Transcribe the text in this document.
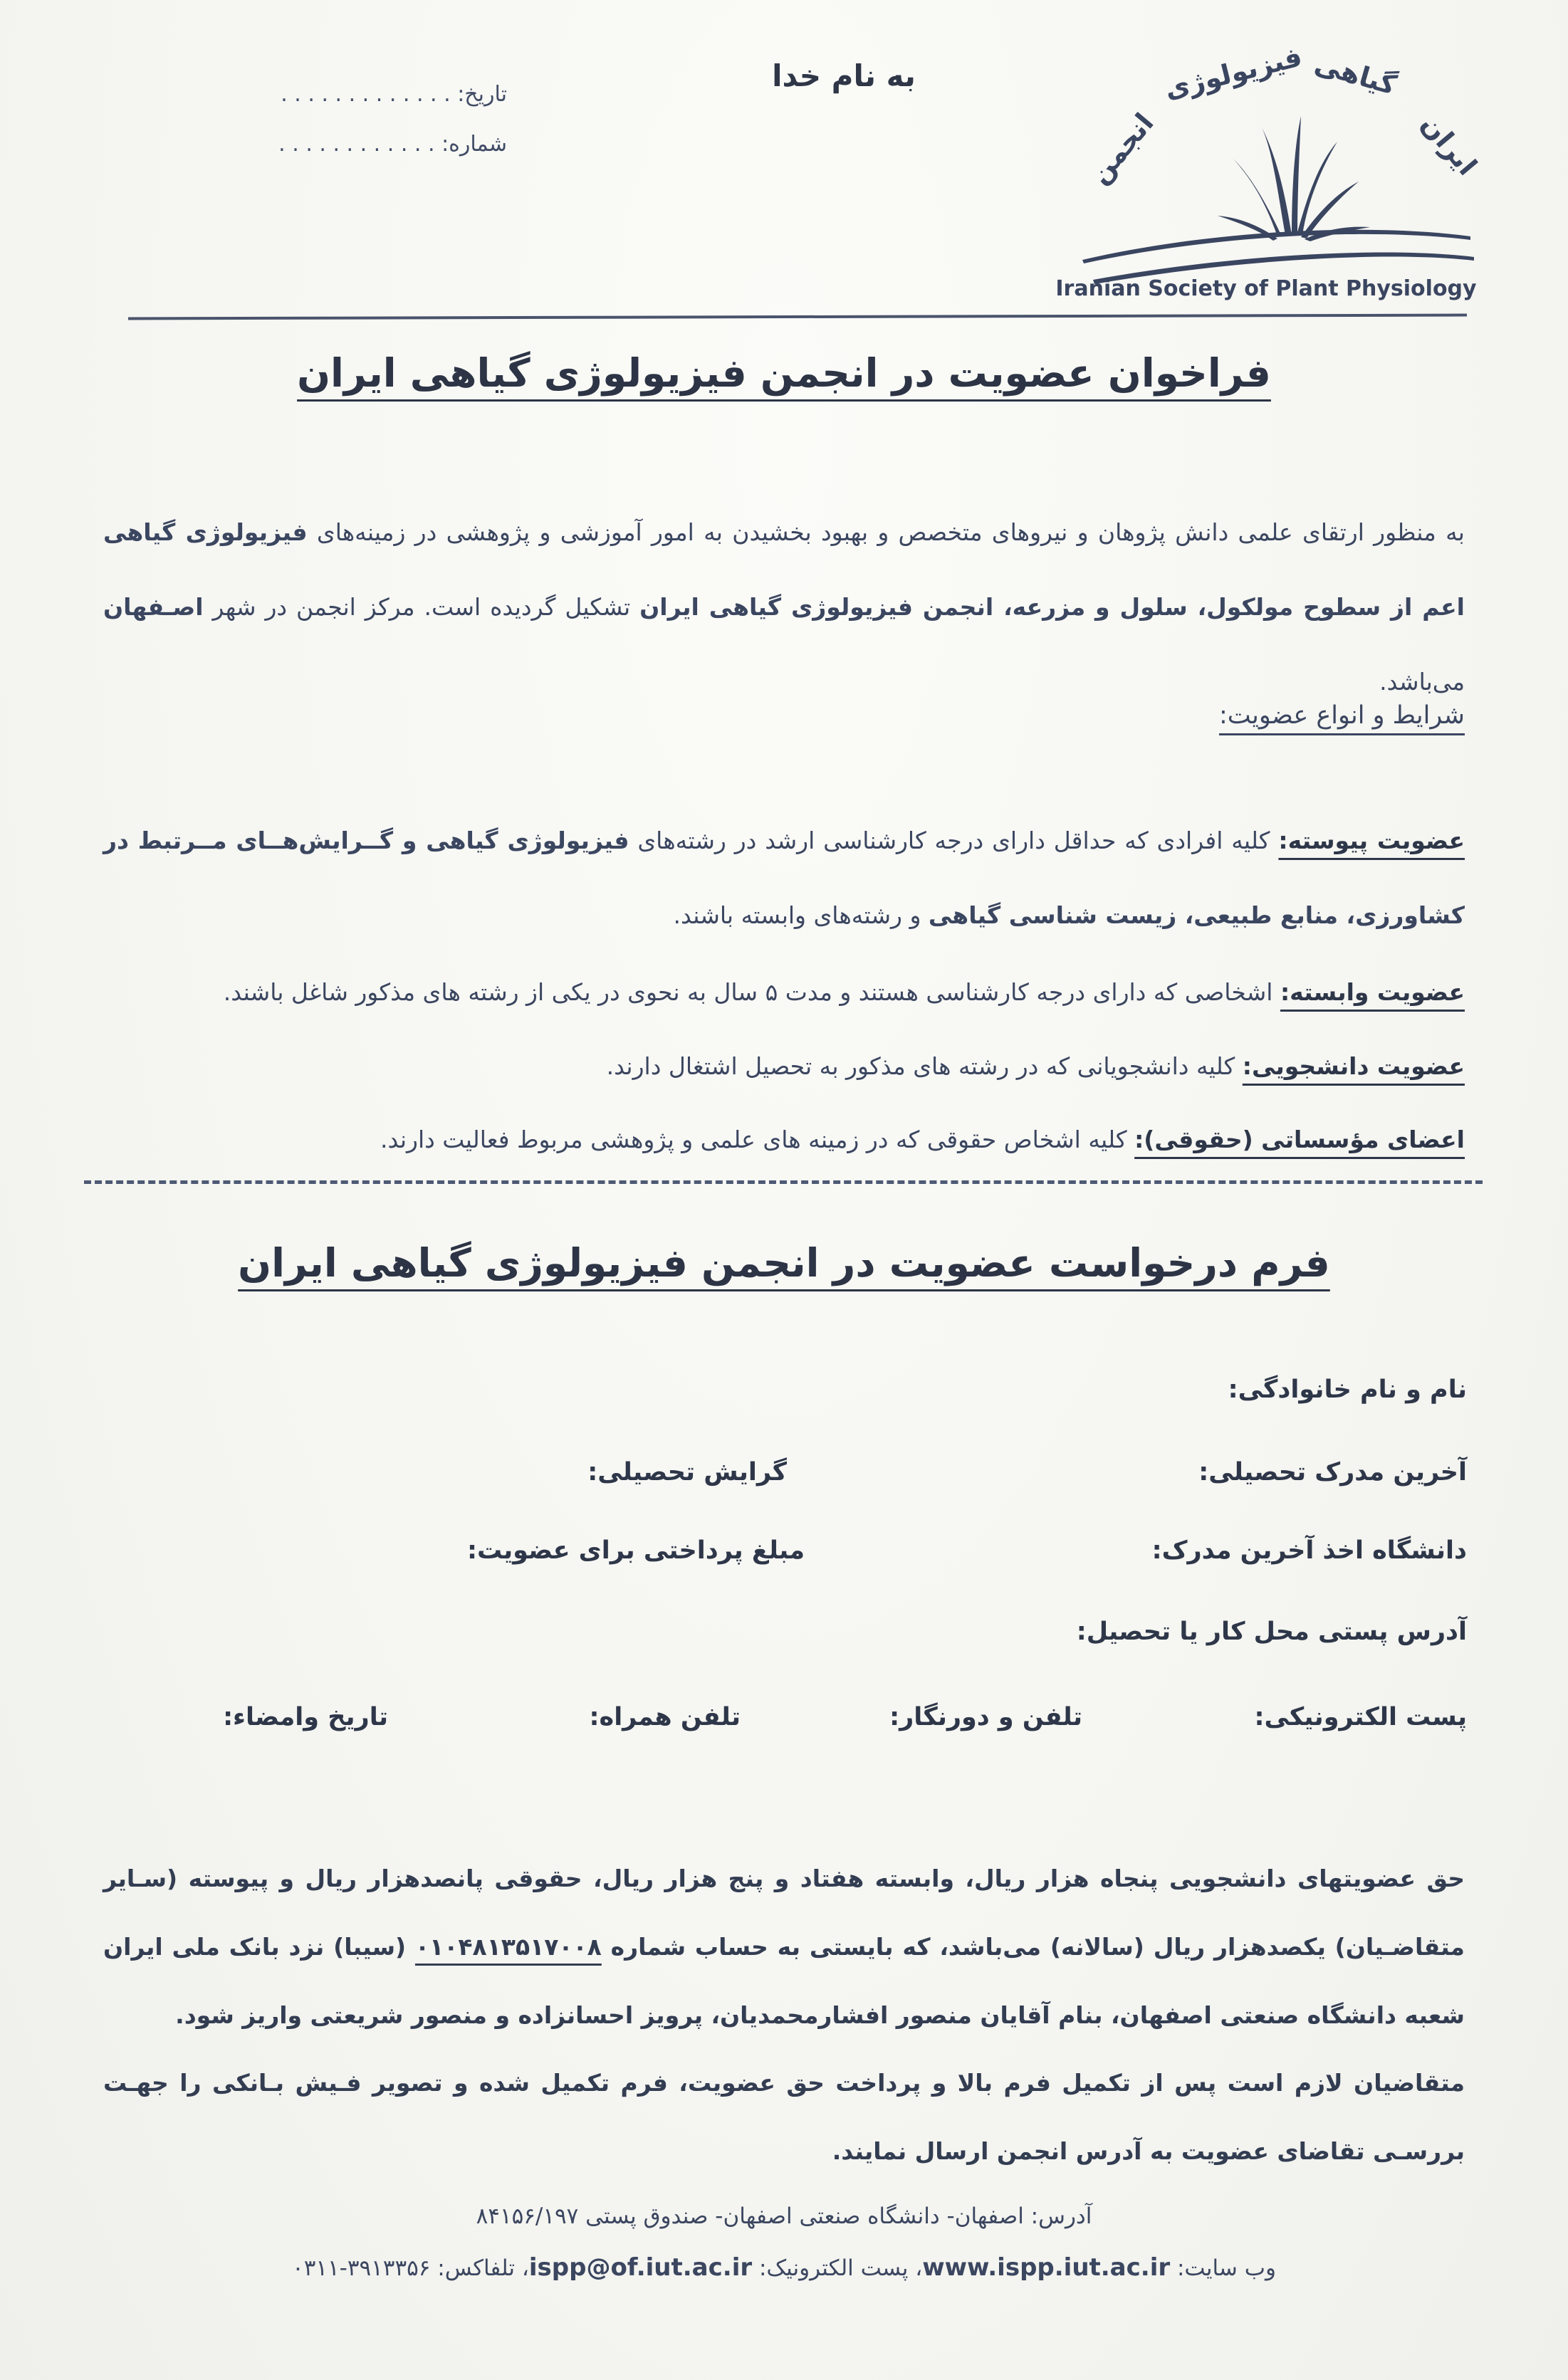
تاریخ: . . . . . . . . . . . . .
شماره: . . . . . . . . . . . .
به نام خدا
انجمن
فیزیولوژی گیاهی
ایران
Iranian Society of Plant Physiology
فراخوان عضویت در انجمن فیزیولوژی گیاهی ایران

به منظور ارتقای علمی دانش پژوهان و نیروهای متخصص و بهبود بخشیدن به امور آموزشی و پژوهشی در زمینه‌های فیزیولوژی گیاهی اعم از سطوح مولکول، سلول و مزرعه، انجمن فیزیولوژی گیاهی ایران تشکیل گردیده است. مرکز انجمن در شهر اصـفهان می‌باشد.

شرایط و انواع عضویت:

عضویت پیوسته: کلیه افرادی که حداقل دارای درجه کارشناسی ارشد در رشته‌های فیزیولوژی گیاهی و گــرایش‌هــای مــرتبط در کشاورزی، منابع طبیعی، زیست شناسی گیاهی و رشته‌های وابسته باشند.

عضویت وابسته: اشخاصی که دارای درجه کارشناسی هستند و مدت ۵ سال به نحوی در یکی از رشته های مذکور شاغل باشند.

عضویت دانشجویی: کلیه دانشجویانی که در رشته های مذکور به تحصیل اشتغال دارند.

اعضای مؤسساتی (حقوقی): کلیه اشخاص حقوقی که در زمینه های علمی و پژوهشی مربوط فعالیت دارند.

فرم درخواست عضویت در انجمن فیزیولوژی گیاهی ایران
نام و نام خانوادگی:
آخرین مدرک تحصیلی:
گرایش تحصیلی:
دانشگاه اخذ آخرین مدرک:
مبلغ پرداختی برای عضویت:
آدرس پستی محل کار یا تحصیل:
پست الکترونیکی:
تلفن و دورنگار:
تلفن همراه:
تاریخ وامضاء:

حق عضویتهای دانشجویی پنجاه هزار ریال، وابسته هفتاد و پنج هزار ریال، حقوقی پانصدهزار ریال و پیوسته (سـایر متقاضـیان) یکصدهزار ریال (سالانه) می‌باشد، که بایستی به حساب شماره ۰۱۰۴۸۱۳۵۱۷۰۰۸ (سیبا) نزد بانک ملی ایران شعبه دانشگاه صنعتی اصفهان، بنام آقایان منصور افشارمحمدیان، پرویز احسانزاده و منصور شریعتی واریز شود.

متقاضیان لازم است پس از تکمیل فرم بالا و پرداخت حق عضویت، فرم تکمیل شده و تصویر فـیش بـانکی را جهـت بررسـی تقاضای عضویت به آدرس انجمن ارسال نمایند.

آدرس: اصفهان- دانشگاه صنعتی اصفهان- صندوق پستی ۸۴۱۵۶/۱۹۷
وب سایت: www.ispp.iut.ac.ir، پست الکترونیک: ispp@of.iut.ac.ir، تلفاکس: ۰۳۱۱-۳۹۱۳۳۵۶
